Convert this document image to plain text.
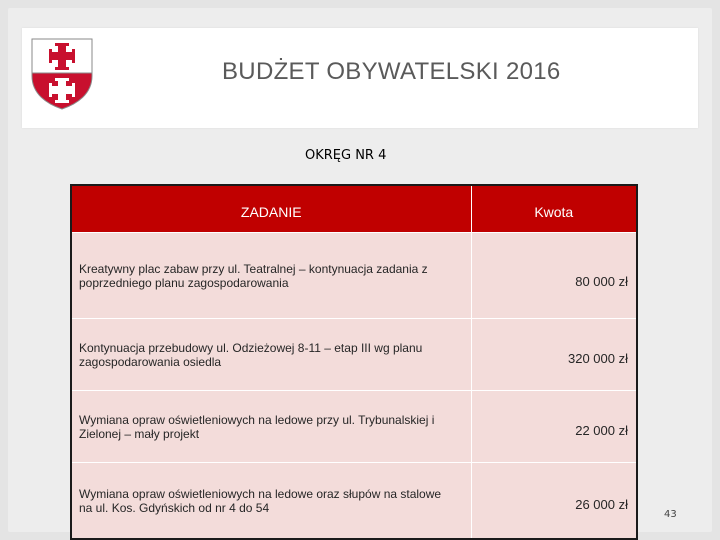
BUDŻET OBYWATELSKI 2016
OKRĘG NR 4
ZADANIE	Kwota
Kreatywny plac zabaw przy ul. Teatralnej – kontynuacja zadania z poprzedniego planu zagospodarowania	80 000 zł
Kontynuacja przebudowy ul. Odzieżowej 8-11 – etap III wg planu zagospodarowania osiedla	320 000 zł
Wymiana opraw oświetleniowych na ledowe przy ul. Trybunalskiej i Zielonej – mały projekt	22 000 zł
Wymiana opraw oświetleniowych na ledowe oraz słupów na stalowe na ul. Kos. Gdyńskich od nr 4 do 54	26 000 zł
43
